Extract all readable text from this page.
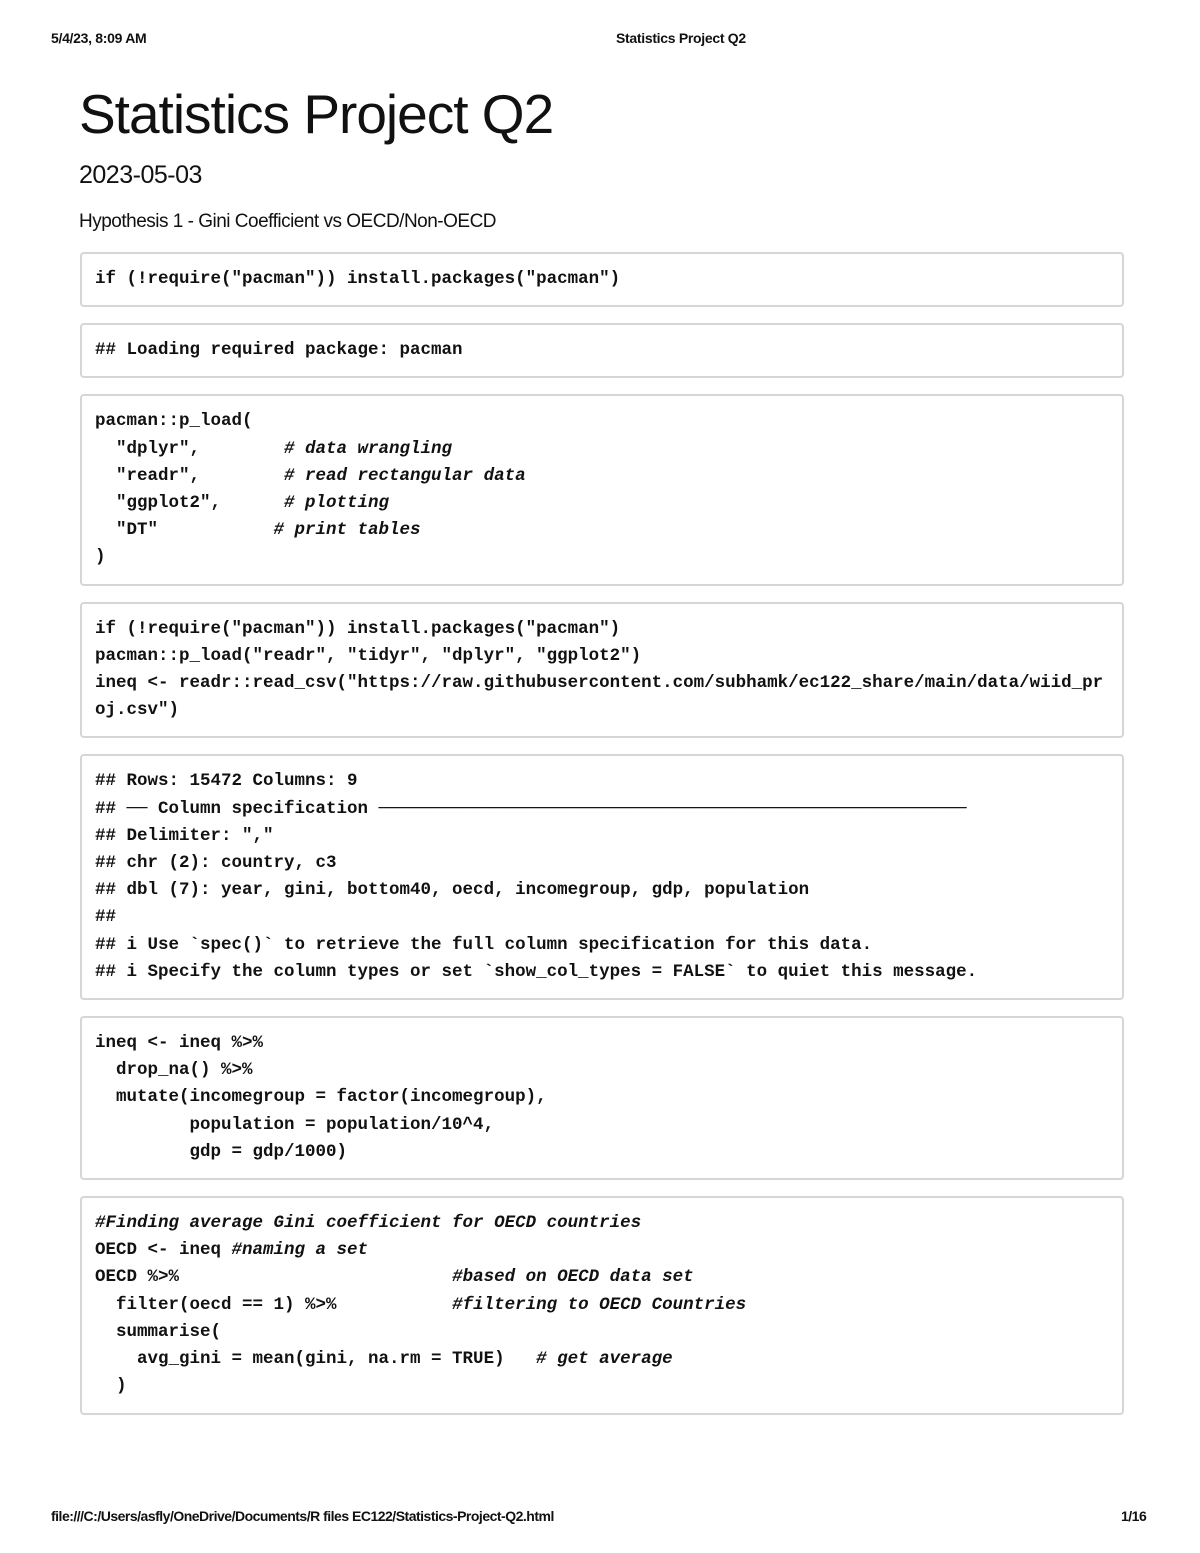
5/4/23, 8:09 AM	Statistics Project Q2
Statistics Project Q2
2023-05-03
Hypothesis 1 - Gini Coefficient vs OECD/Non-OECD
if (!require("pacman")) install.packages("pacman")
## Loading required package: pacman
pacman::p_load(
"dplyr",        # data wrangling
"readr",        # read rectangular data
"ggplot2",      # plotting
"DT"           # print tables
)
if (!require("pacman")) install.packages("pacman")
pacman::p_load("readr", "tidyr", "dplyr", "ggplot2")
ineq <- readr::read_csv("https://raw.githubusercontent.com/subhamk/ec122_share/main/data/wiid_pr
oj.csv")
## Rows: 15472 Columns: 9
## ── Column specification ────────────────────────────────────────────────────────
## Delimiter: ","
## chr (2): country, c3
## dbl (7): year, gini, bottom40, oecd, incomegroup, gdp, population
##
## i Use `spec()` to retrieve the full column specification for this data.
## i Specify the column types or set `show_col_types = FALSE` to quiet this message.
ineq <- ineq %>%
drop_na() %>%
mutate(incomegroup = factor(incomegroup),
population = population/10^4,
gdp = gdp/1000)
#Finding average Gini coefficient for OECD countries
OECD <- ineq #naming a set
OECD %>%                          #based on OECD data set
filter(oecd == 1) %>%           #filtering to OECD Countries
summarise(
avg_gini = mean(gini, na.rm = TRUE)   # get average
)
file:///C:/Users/asfly/OneDrive/Documents/R files EC122/Statistics-Project-Q2.html	1/16
